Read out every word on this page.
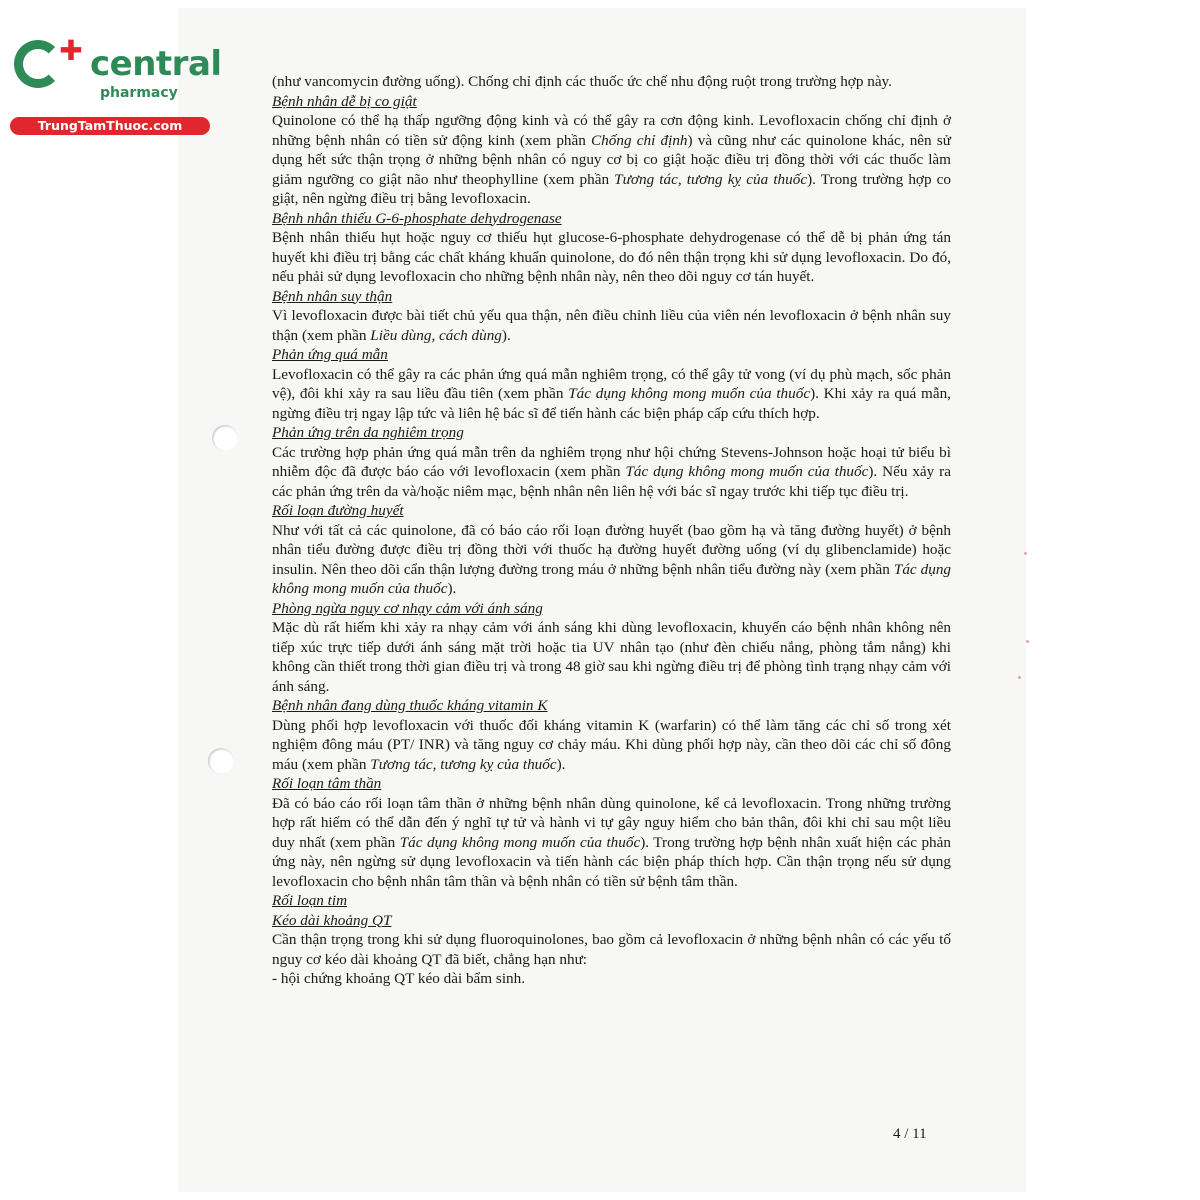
✚ central
pharmacy
TrungTamThuoc.com

(như vancomycin đường uống). Chống chỉ định các thuốc ức chế nhu động ruột trong trường hợp này.

Bệnh nhân dễ bị co giật

Quinolone có thể hạ thấp ngưỡng động kinh và có thể gây ra cơn động kinh. Levofloxacin chống chỉ định ở những bệnh nhân có tiền sử động kinh (xem phần Chống chỉ định) và cũng như các quinolone khác, nên sử dụng hết sức thận trọng ở những bệnh nhân có nguy cơ bị co giật hoặc điều trị đồng thời với các thuốc làm giảm ngưỡng co giật não như theophylline (xem phần Tương tác, tương kỵ của thuốc). Trong trường hợp co giật, nên ngừng điều trị bằng levofloxacin.

Bệnh nhân thiếu G-6-phosphate dehydrogenase

Bệnh nhân thiếu hụt hoặc nguy cơ thiếu hụt glucose-6-phosphate dehydrogenase có thể dễ bị phản ứng tán huyết khi điều trị bằng các chất kháng khuẩn quinolone, do đó nên thận trọng khi sử dụng levofloxacin. Do đó, nếu phải sử dụng levofloxacin cho những bệnh nhân này, nên theo dõi nguy cơ tán huyết.

Bệnh nhân suy thận

Vì levofloxacin được bài tiết chủ yếu qua thận, nên điều chỉnh liều của viên nén levofloxacin ở bệnh nhân suy thận (xem phần Liều dùng, cách dùng).

Phản ứng quá mẫn

Levofloxacin có thể gây ra các phản ứng quá mẫn nghiêm trọng, có thể gây tử vong (ví dụ phù mạch, sốc phản vệ), đôi khi xảy ra sau liều đầu tiên (xem phần Tác dụng không mong muốn của thuốc). Khi xảy ra quá mẫn, ngừng điều trị ngay lập tức và liên hệ bác sĩ để tiến hành các biện pháp cấp cứu thích hợp.

Phản ứng trên da nghiêm trọng

Các trường hợp phản ứng quá mẫn trên da nghiêm trọng như hội chứng Stevens-Johnson hoặc hoại tử biểu bì nhiễm độc đã được báo cáo với levofloxacin (xem phần Tác dụng không mong muốn của thuốc). Nếu xảy ra các phản ứng trên da và/hoặc niêm mạc, bệnh nhân nên liên hệ với bác sĩ ngay trước khi tiếp tục điều trị.

Rối loạn đường huyết

Như với tất cả các quinolone, đã có báo cáo rối loạn đường huyết (bao gồm hạ và tăng đường huyết) ở bệnh nhân tiểu đường được điều trị đồng thời với thuốc hạ đường huyết đường uống (ví dụ glibenclamide) hoặc insulin. Nên theo dõi cẩn thận lượng đường trong máu ở những bệnh nhân tiểu đường này (xem phần Tác dụng không mong muốn của thuốc).

Phòng ngừa nguy cơ nhạy cảm với ánh sáng

Mặc dù rất hiếm khi xảy ra nhạy cảm với ánh sáng khi dùng levofloxacin, khuyến cáo bệnh nhân không nên tiếp xúc trực tiếp dưới ánh sáng mặt trời hoặc tia UV nhân tạo (như đèn chiếu nắng, phòng tắm nắng) khi không cần thiết trong thời gian điều trị và trong 48 giờ sau khi ngừng điều trị để phòng tình trạng nhạy cảm với ánh sáng.

Bệnh nhân đang dùng thuốc kháng vitamin K

Dùng phối hợp levofloxacin với thuốc đối kháng vitamin K (warfarin) có thể làm tăng các chỉ số trong xét nghiệm đông máu (PT/ INR) và tăng nguy cơ chảy máu. Khi dùng phối hợp này, cần theo dõi các chỉ số đông máu (xem phần Tương tác, tương kỵ của thuốc).

Rối loạn tâm thần

Đã có báo cáo rối loạn tâm thần ở những bệnh nhân dùng quinolone, kể cả levofloxacin. Trong những trường hợp rất hiếm có thể dẫn đến ý nghĩ tự tử và hành vi tự gây nguy hiểm cho bản thân, đôi khi chỉ sau một liều duy nhất (xem phần Tác dụng không mong muốn của thuốc). Trong trường hợp bệnh nhân xuất hiện các phản ứng này, nên ngừng sử dụng levofloxacin và tiến hành các biện pháp thích hợp. Cần thận trọng nếu sử dụng levofloxacin cho bệnh nhân tâm thần và bệnh nhân có tiền sử bệnh tâm thần.

Rối loạn tim
Kéo dài khoảng QT

Cần thận trọng trong khi sử dụng fluoroquinolones, bao gồm cả levofloxacin ở những bệnh nhân có các yếu tố nguy cơ kéo dài khoảng QT đã biết, chẳng hạn như:

- hội chứng khoảng QT kéo dài bẩm sinh.

4 / 11
